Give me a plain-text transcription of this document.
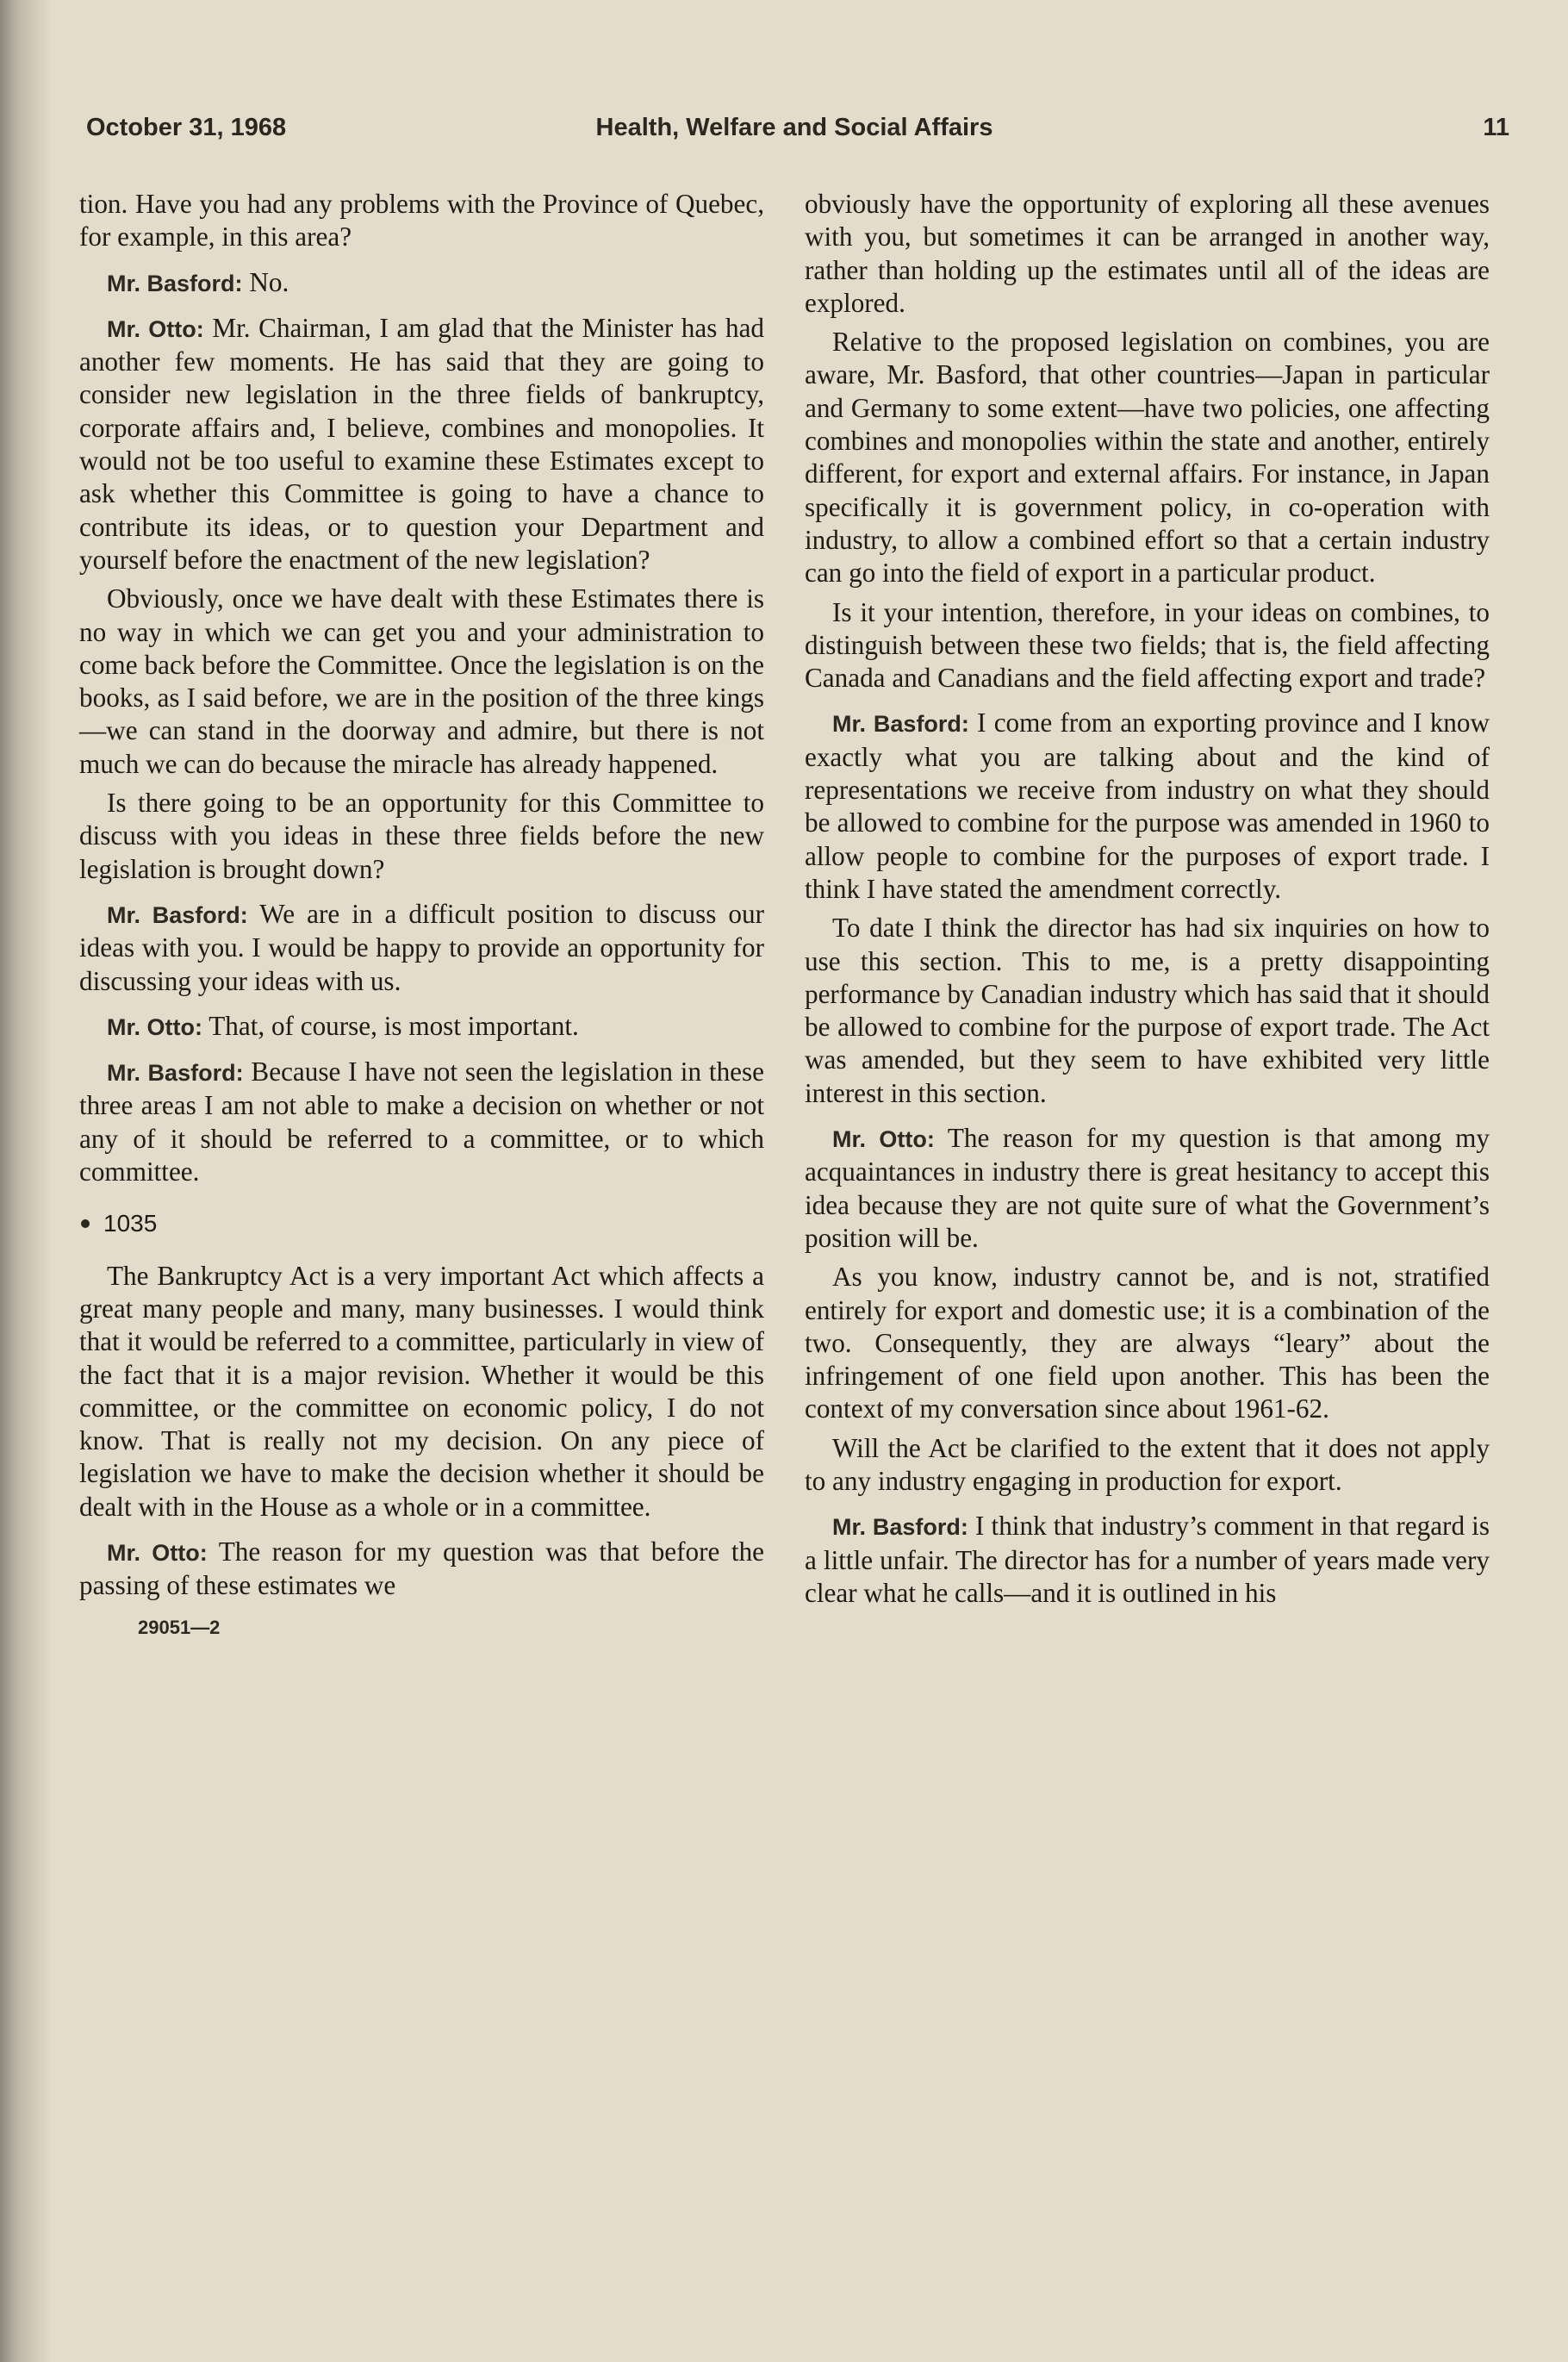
October 31, 1968	Health, Welfare and Social Affairs	11

tion. Have you had any problems with the Province of Quebec, for example, in this area?

Mr. Basford: No.

Mr. Otto: Mr. Chairman, I am glad that the Minister has had another few moments. He has said that they are going to consider new legislation in the three fields of bankruptcy, corporate affairs and, I believe, combines and monopolies. It would not be too useful to examine these Estimates except to ask whether this Committee is going to have a chance to contribute its ideas, or to question your Department and yourself before the enactment of the new legislation?

Obviously, once we have dealt with these Estimates there is no way in which we can get you and your administration to come back before the Committee. Once the legislation is on the books, as I said before, we are in the position of the three kings—we can stand in the doorway and admire, but there is not much we can do because the miracle has already happened.

Is there going to be an opportunity for this Committee to discuss with you ideas in these three fields before the new legislation is brought down?

Mr. Basford: We are in a difficult position to discuss our ideas with you. I would be happy to provide an opportunity for discussing your ideas with us.

Mr. Otto: That, of course, is most important.

Mr. Basford: Because I have not seen the legislation in these three areas I am not able to make a decision on whether or not any of it should be referred to a committee, or to which committee.

1035

The Bankruptcy Act is a very important Act which affects a great many people and many, many businesses. I would think that it would be referred to a committee, particularly in view of the fact that it is a major revision. Whether it would be this committee, or the committee on economic policy, I do not know. That is really not my decision. On any piece of legislation we have to make the decision whether it should be dealt with in the House as a whole or in a committee.

Mr. Otto: The reason for my question was that before the passing of these estimates we

29051—2

obviously have the opportunity of exploring all these avenues with you, but sometimes it can be arranged in another way, rather than holding up the estimates until all of the ideas are explored.

Relative to the proposed legislation on combines, you are aware, Mr. Basford, that other countries—Japan in particular and Germany to some extent—have two policies, one affecting combines and monopolies within the state and another, entirely different, for export and external affairs. For instance, in Japan specifically it is government policy, in co-operation with industry, to allow a combined effort so that a certain industry can go into the field of export in a particular product.

Is it your intention, therefore, in your ideas on combines, to distinguish between these two fields; that is, the field affecting Canada and Canadians and the field affecting export and trade?

Mr. Basford: I come from an exporting province and I know exactly what you are talking about and the kind of representations we receive from industry on what they should be allowed to combine for the purpose was amended in 1960 to allow people to combine for the purposes of export trade. I think I have stated the amendment correctly.

To date I think the director has had six inquiries on how to use this section. This to me, is a pretty disappointing performance by Canadian industry which has said that it should be allowed to combine for the purpose of export trade. The Act was amended, but they seem to have exhibited very little interest in this section.

Mr. Otto: The reason for my question is that among my acquaintances in industry there is great hesitancy to accept this idea because they are not quite sure of what the Government’s position will be.

As you know, industry cannot be, and is not, stratified entirely for export and domestic use; it is a combination of the two. Consequently, they are always “leary” about the infringement of one field upon another. This has been the context of my conversation since about 1961-62.

Will the Act be clarified to the extent that it does not apply to any industry engaging in production for export.

Mr. Basford: I think that industry’s comment in that regard is a little unfair. The director has for a number of years made very clear what he calls—and it is outlined in his
